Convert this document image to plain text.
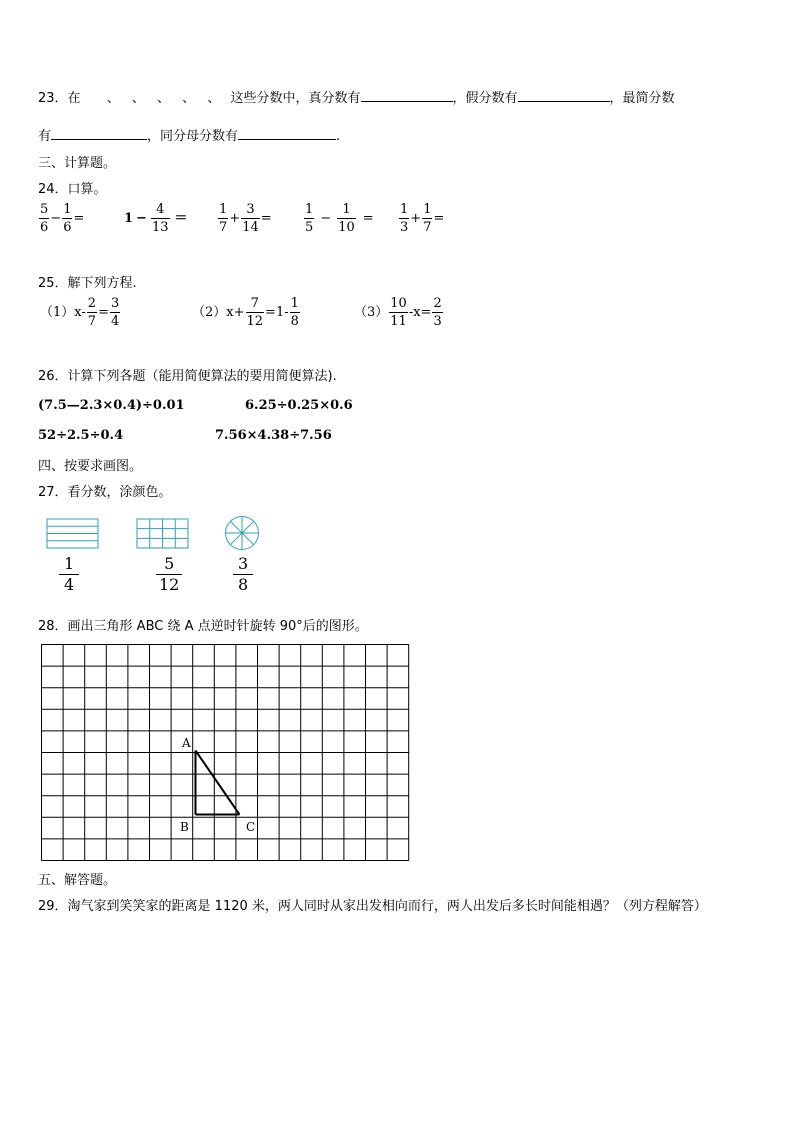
23．在 、 、 、 、 、 这些分数中，真分数有	，假分数有	，最简分数
有	，同分母分数有	.
三、计算题。
24．口算。
$\frac{5}{6} - \frac{1}{6}$ =	$1 - \frac{4}{13} = \frac{1}{7} + \frac{3}{14} = \frac{1}{5} - \frac{1}{10} = \frac{1}{3} + \frac{1}{7}$ =
25．解下列方程.
$(1)x- \frac{2}{7} = \frac{3}{4}$	$(2)x+ \frac{7}{12} =1- \frac{1}{8}$	$(3) \frac{10}{11} -x= \frac{2}{3}$
26．计算下列各题（能用简便算法的要用简便算法).
(7.5—2.3×0.4)÷0.01	6.25÷0.25×0.6
52÷2.5÷0.4	7.56×4.38÷7.56
四、按要求画图。
27．看分数，涂颜色。
$\frac{1}{4}$	$\frac{5}{12}$	$\frac{3}{8}$
28．画出三角形 ABC 绕 A 点逆时针旋转 90°后的图形。
A
B	C
五、解答题。
29．淘气家到笑笑家的距离是 1120 米，两人同时从家出发相向而行，两人出发后多长时间能相遇？（列方程解答）
